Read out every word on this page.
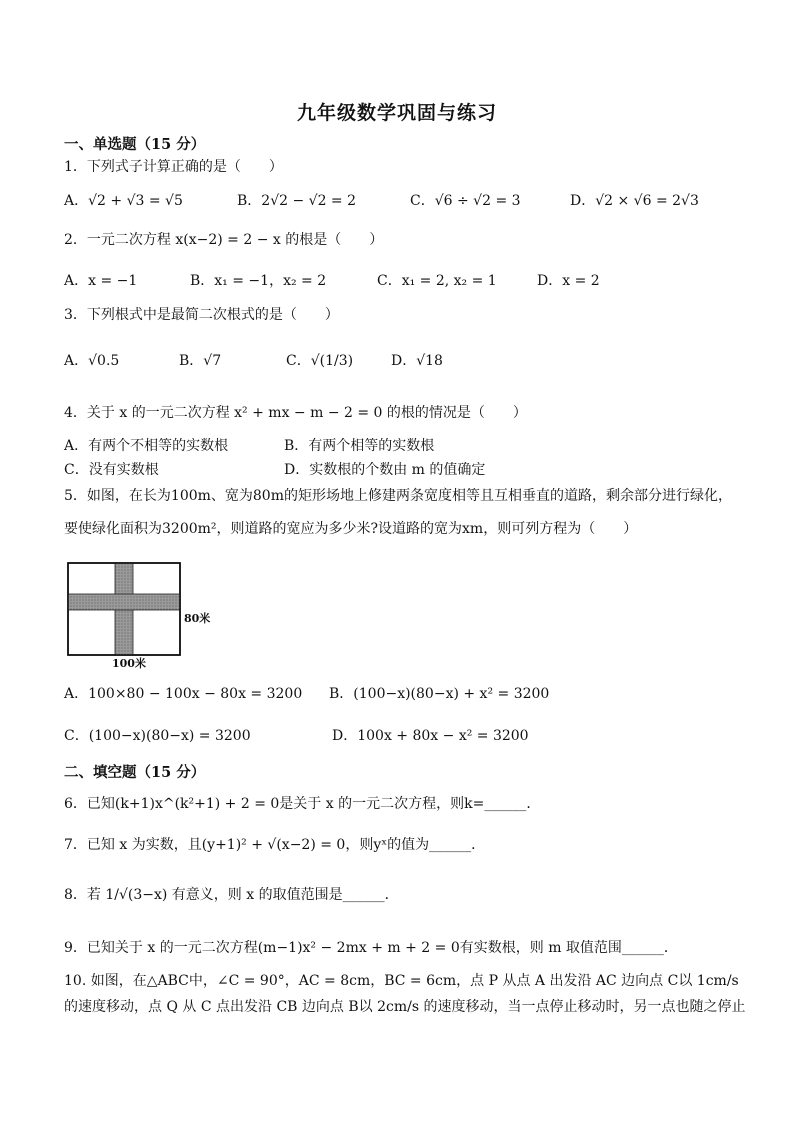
九年级数学巩固与练习
一、单选题（15 分）
1．下列式子计算正确的是（　　）
A．√2 + √3 = √5	B．2√2 − √2 = 2	C．√6 ÷ √2 = 3	D．√2 × √6 = 2√3
2．一元二次方程 x(x−2) = 2 − x 的根是（　　）
A．x = −1	B．x₁ = −1，x₂ = 2	C．x₁ = 2, x₂ = 1	D．x = 2
3．下列根式中是最简二次根式的是（　　）
A．√0.5	B．√7	C．√(1/3)	D．√18
4．关于 x 的一元二次方程 x² + mx − m − 2 = 0 的根的情况是（　　）
A．有两个不相等的实数根	B．有两个相等的实数根
C．没有实数根	D．实数根的个数由 m 的值确定
5．如图，在长为100m、宽为80m的矩形场地上修建两条宽度相等且互相垂直的道路，剩余部分进行绿化，
要使绿化面积为3200m²，则道路的宽应为多少米?设道路的宽为xm，则可列方程为（　　）
80米
100米
A．100×80 − 100x − 80x = 3200 B．(100−x)(80−x) + x² = 3200
C．(100−x)(80−x) = 3200	D．100x + 80x − x² = 3200
二、填空题（15 分）
6．已知(k+1)x^(k²+1) + 2 = 0是关于 x 的一元二次方程，则k=______．
7．已知 x 为实数，且(y+1)² + √(x−2) = 0，则yˣ的值为______．
8．若 1/√(3−x) 有意义，则 x 的取值范围是______．
9．已知关于 x 的一元二次方程(m−1)x² − 2mx + m + 2 = 0有实数根，则 m 取值范围______．
10. 如图，在△ABC中，∠C = 90°，AC = 8cm，BC = 6cm，点 P 从点 A 出发沿 AC 边向点 C以 1cm/s
的速度移动，点 Q 从 C 点出发沿 CB 边向点 B以 2cm/s 的速度移动，当一点停止移动时，另一点也随之停止
